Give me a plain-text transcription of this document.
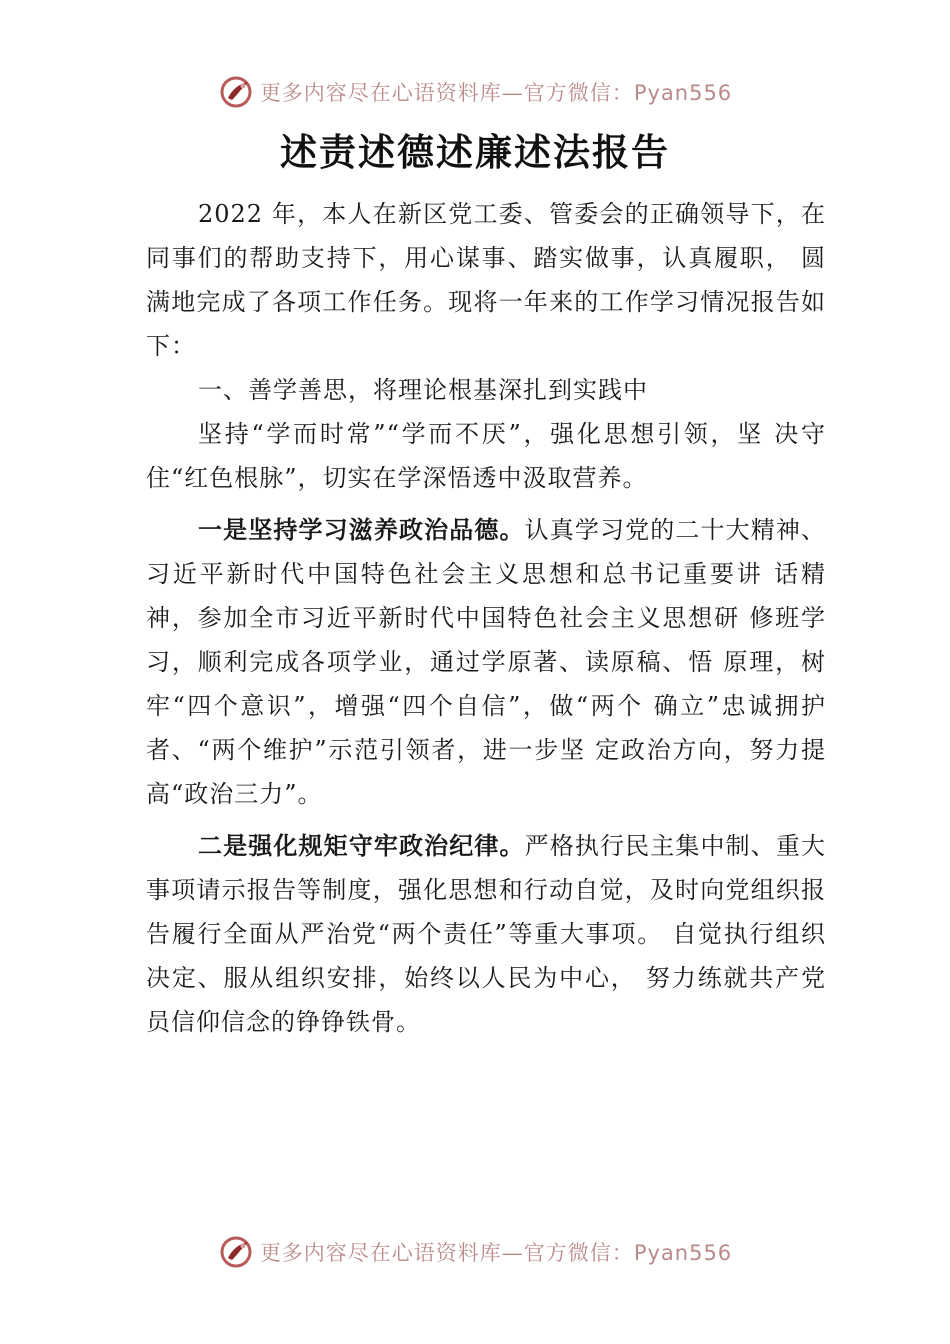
更多内容尽在心语资料库—官方微信：Pyan556
述责述德述廉述法报告

2022 年，本人在新区党工委、管委会的正确领导下，在同事们的帮助支持下，用心谋事、踏实做事，认真履职， 圆满地完成了各项工作任务。现将一年来的工作学习情况报告如下：

一、善学善思，将理论根基深扎到实践中

坚持“学而时常”“学而不厌”，强化思想引领，坚 决守住“红色根脉”，切实在学深悟透中汲取营养。

一是坚持学习滋养政治品德。认真学习党的二十大精神、习近平新时代中国特色社会主义思想和总书记重要讲 话精神，参加全市习近平新时代中国特色社会主义思想研 修班学习，顺利完成各项学业，通过学原著、读原稿、悟 原理，树牢“四个意识”，增强“四个自信”，做“两个 确立”忠诚拥护者、“两个维护”示范引领者，进一步坚 定政治方向，努力提高“政治三力”。

二是强化规矩守牢政治纪律。严格执行民主集中制、重大事项请示报告等制度，强化思想和行动自觉，及时向党组织报告履行全面从严治党“两个责任”等重大事项。 自觉执行组织决定、服从组织安排，始终以人民为中心， 努力练就共产党员信仰信念的铮铮铁骨。

更多内容尽在心语资料库—官方微信：Pyan556
